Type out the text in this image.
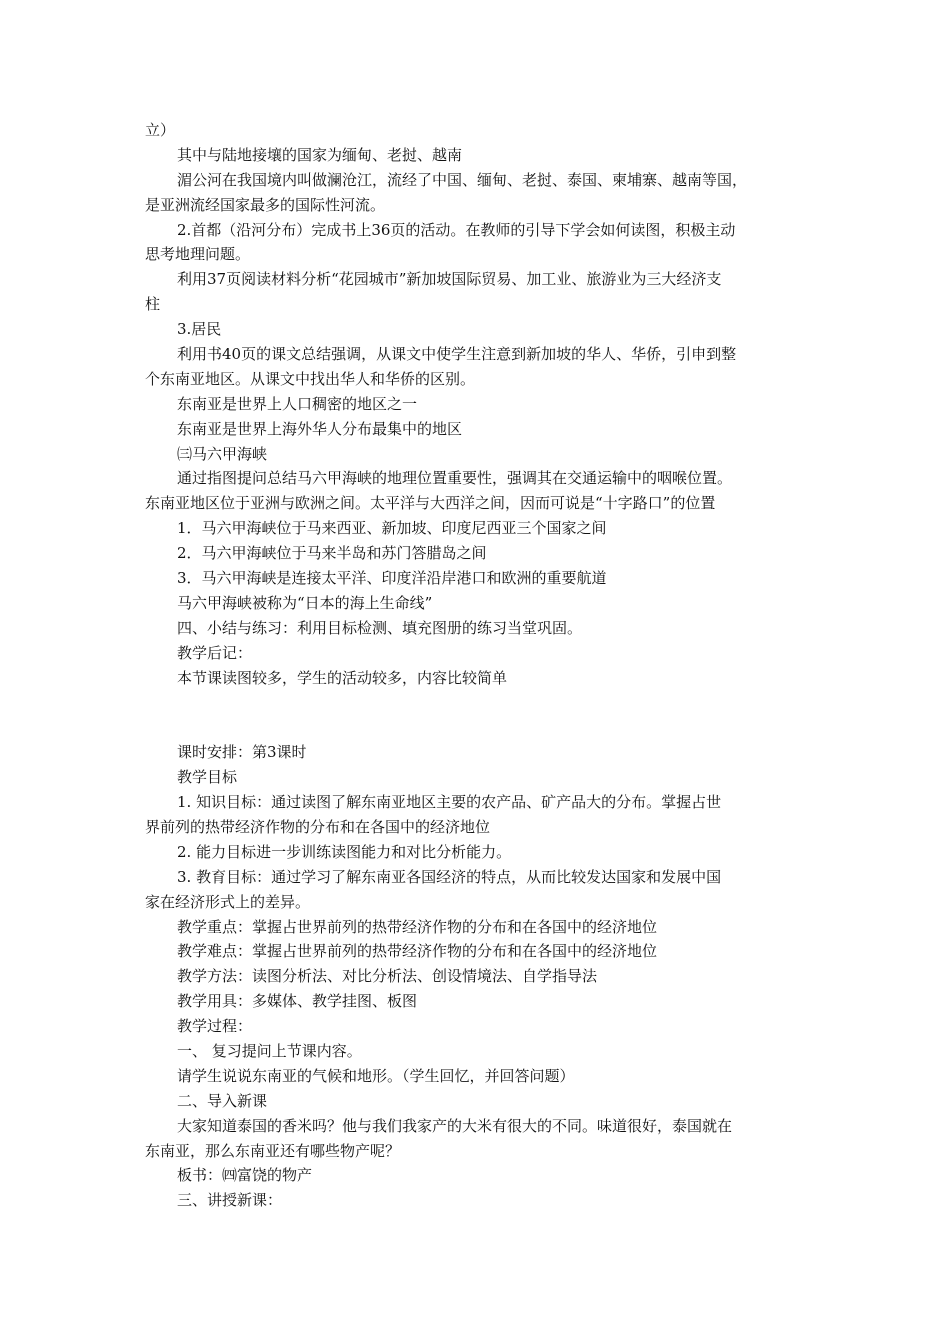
立）
其中与陆地接壤的国家为缅甸、老挝、越南
湄公河在我国境内叫做澜沧江，流经了中国、缅甸、老挝、泰国、柬埔寨、越南等国，
是亚洲流经国家最多的国际性河流。
2.首都（沿河分布）完成书上36页的活动。在教师的引导下学会如何读图，积极主动
思考地理问题。
利用37页阅读材料分析“花园城市”新加坡国际贸易、加工业、旅游业为三大经济支
柱
3.居民
利用书40页的课文总结强调，从课文中使学生注意到新加坡的华人、华侨，引申到整
个东南亚地区。从课文中找出华人和华侨的区别。
东南亚是世界上人口稠密的地区之一
东南亚是世界上海外华人分布最集中的地区
㈢马六甲海峡
通过指图提问总结马六甲海峡的地理位置重要性，强调其在交通运输中的咽喉位置。
东南亚地区位于亚洲与欧洲之间。太平洋与大西洋之间，因而可说是“十字路口”的位置
1．马六甲海峡位于马来西亚、新加坡、印度尼西亚三个国家之间
2．马六甲海峡位于马来半岛和苏门答腊岛之间
3．马六甲海峡是连接太平洋、印度洋沿岸港口和欧洲的重要航道
马六甲海峡被称为“日本的海上生命线”
四、小结与练习：利用目标检测、填充图册的练习当堂巩固。
教学后记：
本节课读图较多，学生的活动较多，内容比较简单
课时安排：第3课时
教学目标
1. 知识目标：通过读图了解东南亚地区主要的农产品、矿产品大的分布。掌握占世
界前列的热带经济作物的分布和在各国中的经济地位
2. 能力目标进一步训练读图能力和对比分析能力。
3. 教育目标：通过学习了解东南亚各国经济的特点，从而比较发达国家和发展中国
家在经济形式上的差异。
教学重点：掌握占世界前列的热带经济作物的分布和在各国中的经济地位
教学难点：掌握占世界前列的热带经济作物的分布和在各国中的经济地位
教学方法：读图分析法、对比分析法、创设情境法、自学指导法
教学用具：多媒体、教学挂图、板图
教学过程：
一、 复习提问上节课内容。
请学生说说东南亚的气候和地形。（学生回忆，并回答问题）
二、导入新课
大家知道泰国的香米吗？他与我们我家产的大米有很大的不同。味道很好，泰国就在
东南亚，那么东南亚还有哪些物产呢？
板书：㈣富饶的物产
三、讲授新课：
